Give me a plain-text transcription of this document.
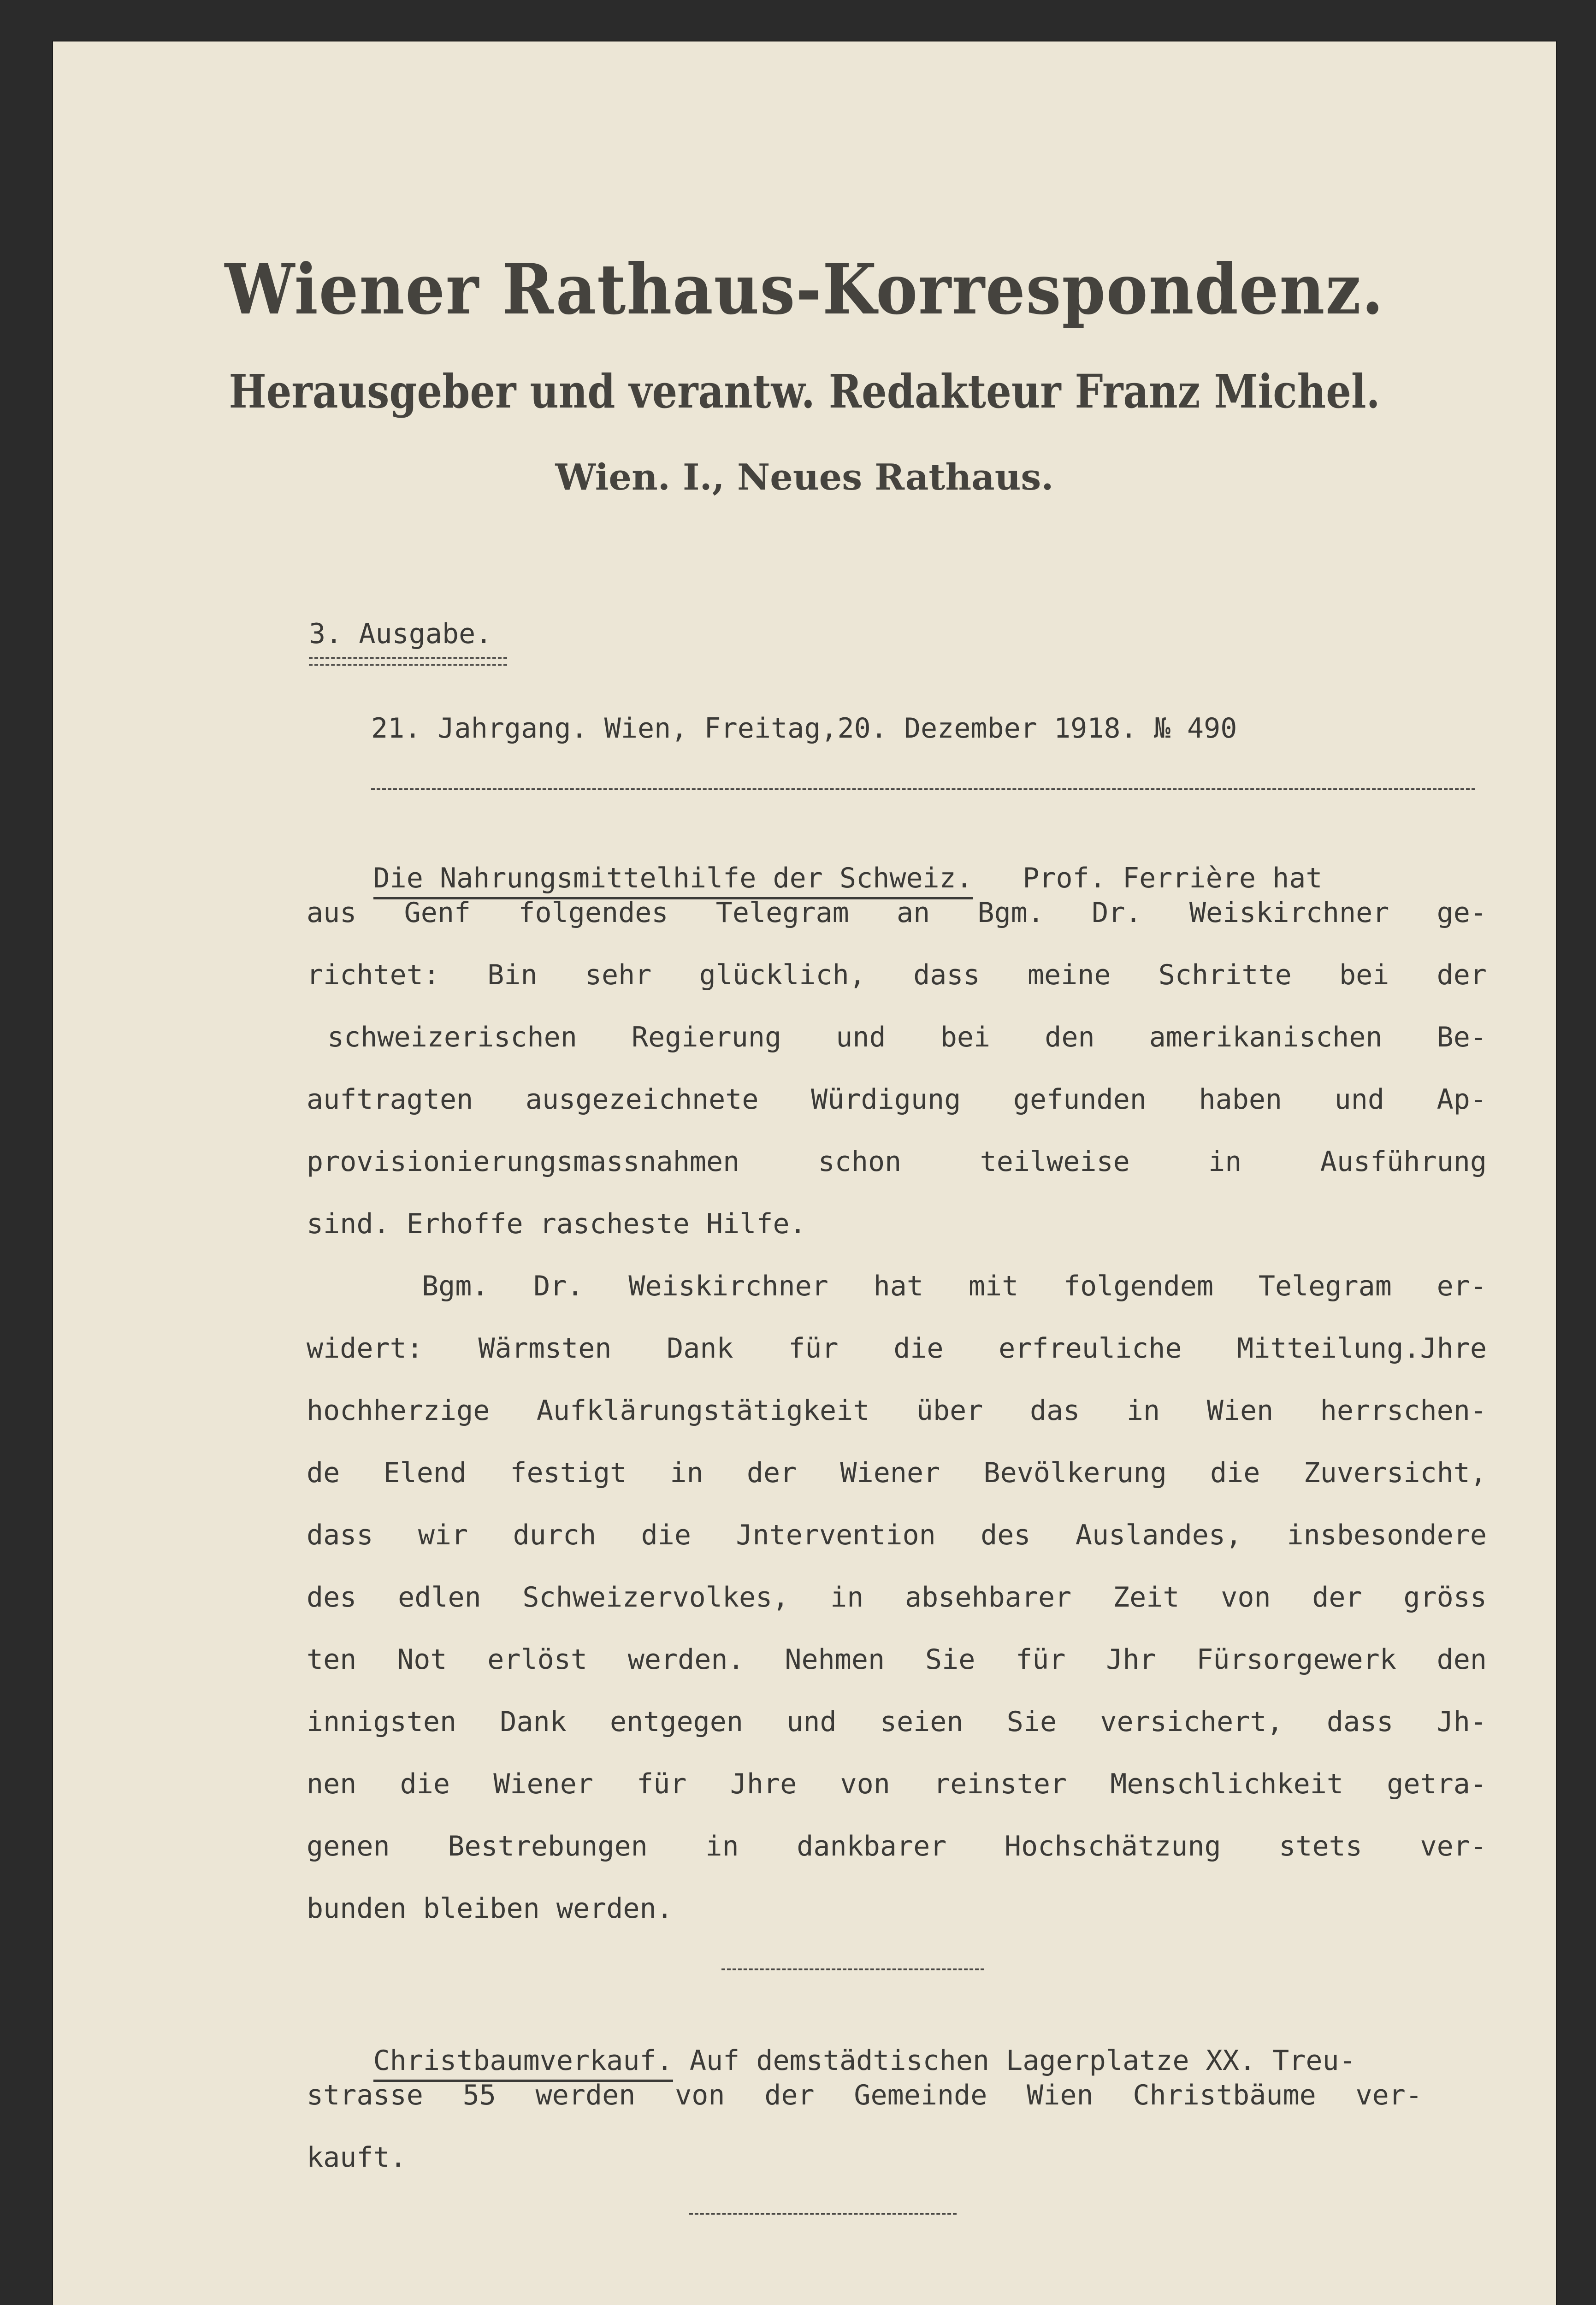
Wiener Rathaus-Korrespondenz.
Herausgeber und verantw. Redakteur Franz Michel.
Wien. I., Neues Rathaus.
3. Ausgabe.
21. Jahrgang. Wien, Freitag,20. Dezember 1918. № 490

Die Nahrungsmittelhilfe der Schweiz. Prof. Ferrière hat

aus Genf folgendes Telegram an Bgm. Dr. Weiskirchner ge-
richtet: Bin sehr glücklich, dass meine Schritte bei der
schweizerischen Regierung und bei den amerikanischen Be-
auftragten ausgezeichnete Würdigung gefunden haben und Ap-
provisionierungsmassnahmen schon teilweise in Ausführung
sind. Erhoffe rascheste Hilfe.
Bgm. Dr. Weiskirchner hat mit folgendem Telegram er-
widert: Wärmsten Dank für die erfreuliche Mitteilung.Jhre
hochherzige Aufklärungstätigkeit über das in Wien herrschen-
de Elend festigt in der Wiener Bevölkerung die Zuversicht,
dass wir durch die Jntervention des Auslandes, insbesondere
des edlen Schweizervolkes, in absehbarer Zeit von der gröss
ten Not erlöst werden. Nehmen Sie für Jhr Fürsorgewerk den
innigsten Dank entgegen und seien Sie versichert, dass Jh-
nen die Wiener für Jhre von reinster Menschlichkeit getra-
genen Bestrebungen in dankbarer Hochschätzung stets ver-
bunden bleiben werden.

Christbaumverkauf. Auf demstädtischen Lagerplatze XX. Treu-

strasse 55 werden von der Gemeinde Wien Christbäume ver-
kauft.
